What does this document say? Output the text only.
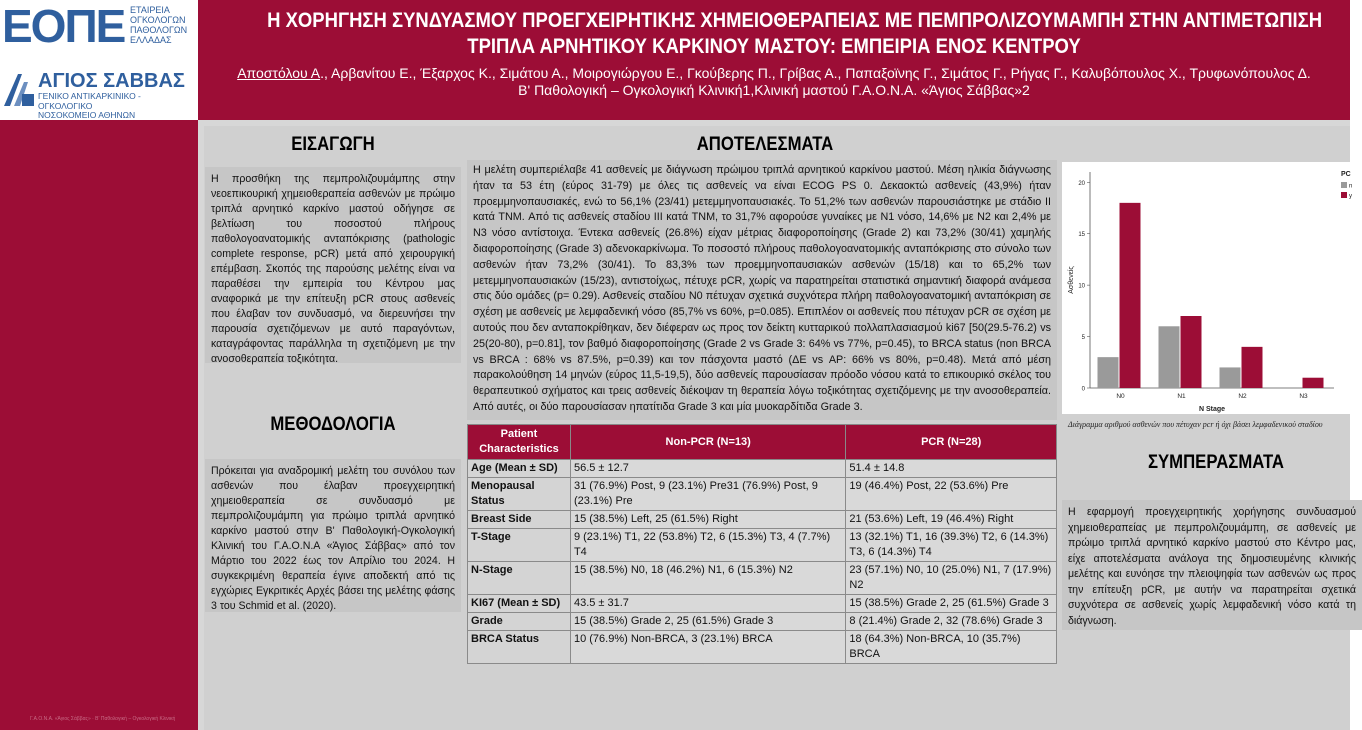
ΕΟΠΕ ΕΤΑΙΡΕΙΑ
ΟΓΚΟΛΟΓΩΝ
ΠΑΘΟΛΟΓΩΝ
ΕΛΛΑΔΑΣ
ΑΓΙΟΣ ΣΑΒΒΑΣ
ΓΕΝΙΚΟ ΑΝΤΙΚΑΡΚΙΝΙΚΟ - ΟΓΚΟΛΟΓΙΚΟ
ΝΟΣΟΚΟΜΕΙΟ ΑΘΗΝΩΝ
Η ΧΟΡΗΓΗΣΗ ΣΥΝΔΥΑΣΜΟΥ ΠΡΟΕΓΧΕΙΡΗΤΙΚΗΣ ΧΗΜΕΙΟΘΕΡΑΠΕΙΑΣ ΜΕ ΠΕΜΠΡΟΛΙΖΟΥΜΑΜΠΗ ΣΤΗΝ ΑΝΤΙΜΕΤΩΠΙΣΗ
ΤΡΙΠΛΑ ΑΡΝΗΤΙΚΟΥ ΚΑΡΚΙΝΟΥ ΜΑΣΤΟΥ: ΕΜΠΕΙΡΙΑ ΕΝΟΣ ΚΕΝΤΡΟΥ
Αποστόλου Α., Αρβανίτου Ε., Έξαρχος Κ., Σιμάτου Α., Μοιρογιώργου Ε., Γκούβερης Π., Γρίβας Α., Παπαξοϊνης Γ., Σιμάτος Γ., Ρήγας Γ., Καλυβόπουλος Χ., Τρυφωνόπουλος Δ.
Β' Παθολογική – Ογκολογική Κλινική1,Κλινική μαστού Γ.Α.Ο.Ν.Α. «Άγιος Σάββας»2
Γ.Α.Ο.Ν.Α. «Άγιος Σάββας» · Β' Παθολογική – Ογκολογική Κλινική
ΕΙΣΑΓΩΓΗ
Η προσθήκη της πεμπρολιζουμάμπης στην νεοεπικουρική χημειοθεραπεία ασθενών με πρώιμο τριπλά αρνητικό καρκίνο μαστού οδήγησε σε βελτίωση του ποσοστού πλήρους παθολογοανατομικής ανταπόκρισης (pathologic complete response, pCR) μετά από χειρουργική επέμβαση. Σκοπός της παρούσης μελέτης είναι να παραθέσει την εμπειρία του Κέντρου μας αναφορικά με την επίτευξη pCR στους ασθενείς που έλαβαν τον συνδυασμό, να διερευνήσει την παρουσία σχετιζόμενων με αυτό παραγόντων, καταγράφοντας παράλληλα τη σχετιζόμενη με την ανοσοθεραπεία τοξικότητα.
ΜΕΘΟΔΟΛΟΓΙΑ
Πρόκειται για αναδρομική μελέτη του συνόλου των ασθενών που έλαβαν προεγχειρητική χημειοθεραπεία σε συνδυασμό με πεμπρολιζουμάμπη για πρώιμο τριπλά αρνητικό καρκίνο μαστού στην Β' Παθολογική-Ογκολογική Κλινική του Γ.Α.Ο.Ν.Α «Άγιος Σάββας» από τον Μάρτιο του 2022 έως τον Απρίλιο του 2024. Η συγκεκριμένη θεραπεία έγινε αποδεκτή από τις εγχώριες Εγκριτικές Αρχές βάσει της μελέτης φάσης 3 του Schmid et al. (2020).
ΑΠΟΤΕΛΕΣΜΑΤΑ
Η μελέτη συμπεριέλαβε 41 ασθενείς με διάγνωση πρώιμου τριπλά αρνητικού καρκίνου μαστού. Μέση ηλικία διάγνωσης ήταν τα 53 έτη (εύρος 31-79) με όλες τις ασθενείς να είναι ECOG PS 0. Δεκαοκτώ ασθενείς (43,9%) ήταν προεμμηνοπαυσιακές, ενώ το 56,1% (23/41) μετεμμηνοπαυσιακές. Το 51,2% των ασθενών παρουσιάστηκε με στάδιο ΙΙ κατά TNM. Από τις ασθενείς σταδίου ΙΙΙ κατά TNM, το 31,7% αφορούσε γυναίκες με Ν1 νόσο, 14,6% με Ν2 και 2,4% με Ν3 νόσο αντίστοιχα. Έντεκα ασθενείς (26.8%) είχαν μέτριας διαφοροποίησης (Grade 2) και 73,2% (30/41) χαμηλής διαφοροποίησης (Grade 3) αδενοκαρκίνωμα. Το ποσοστό πλήρους παθολογοανατομικής ανταπόκρισης στο σύνολο των ασθενών ήταν 73,2% (30/41). Το 83,3% των προεμμηνοπαυσιακών ασθενών (15/18) και το 65,2% των μετεμμηνοπαυσιακών (15/23), αντιστοίχως, πέτυχε pCR, χωρίς να παρατηρείται στατιστικά σημαντική διαφορά ανάμεσα στις δύο ομάδες (p= 0.29). Ασθενείς σταδίου Ν0 πέτυχαν σχετικά συχνότερα πλήρη παθολογοανατομική ανταπόκριση σε σχέση με ασθενείς με λεμφαδενική νόσο (85,7% vs 60%, p=0.085). Επιπλέον οι ασθενείς που πέτυχαν pCR σε σχέση με αυτούς που δεν ανταποκρίθηκαν, δεν διέφεραν ως προς τον δείκτη κυτταρικού πολλαπλασιασμού ki67 [50(29.5-76.2) vs 25(20-80), p=0.81], τον βαθμό διαφοροποίησης (Grade 2 vs Grade 3: 64% vs 77%, p=0.45), το BRCA status (non BRCA vs BRCA : 68% vs 87.5%, p=0.39) και τον πάσχοντα μαστό (ΔΕ vs ΑΡ: 66% vs 80%, p=0.48). Μετά από μέση παρακολούθηση 14 μηνών (εύρος 11,5-19,5), δύο ασθενείς παρουσίασαν πρόοδο νόσου κατά το επικουρικό σκέλος του θεραπευτικού σχήματος και τρεις ασθενείς διέκοψαν τη θεραπεία λόγω τοξικότητας σχετιζόμενης με την ανοσοθεραπεία. Από αυτές, οι δύο παρουσίασαν ηπατίτιδα Grade 3 και μία μυοκαρδίτιδα Grade 3.
Patient Characteristics	Non-PCR (N=13)	PCR (N=28)
Age (Mean ± SD)	56.5 ± 12.7	51.4 ± 14.8
Menopausal Status	31 (76.9%) Post, 9 (23.1%) Pre31 (76.9%) Post, 9 (23.1%) Pre	19 (46.4%) Post, 22 (53.6%) Pre
Breast Side	15 (38.5%) Left, 25 (61.5%) Right	21 (53.6%) Left, 19 (46.4%) Right
T-Stage	9 (23.1%) T1, 22 (53.8%) T2, 6 (15.3%) T3, 4 (7.7%) T4	13 (32.1%) T1, 16 (39.3%) T2, 6 (14.3%) T3, 6 (14.3%) T4
N-Stage	15 (38.5%) N0, 18 (46.2%) N1, 6 (15.3%) N2	23 (57.1%) N0, 10 (25.0%) N1, 7 (17.9%) N2
KI67 (Mean ± SD)	43.5 ± 31.7	15 (38.5%) Grade 2, 25 (61.5%) Grade 3
Grade	15 (38.5%) Grade 2, 25 (61.5%) Grade 3	8 (21.4%) Grade 2, 32 (78.6%) Grade 3
BRCA Status	10 (76.9%) Non-BRCA, 3 (23.1%) BRCA	18 (64.3%) Non-BRCA, 10 (35.7%) BRCA
0
5
10
15
20
Ασθενείς
N0	N1	N2	N3
N Stage
PC
n
y
Διάγραμμα αριθμού ασθενών που πέτυχαν pcr ή όχι βάσει λεμφαδενικού σταδίου
ΣΥΜΠΕΡΑΣΜΑΤΑ
Η εφαρμογή προεγχειρητικής χορήγησης συνδυασμού χημειοθεραπείας με πεμπρολιζουμάμπη, σε ασθενείς με πρώιμο τριπλά αρνητικό καρκίνο μαστού στο Κέντρο μας, είχε αποτελέσματα ανάλογα της δημοσιευμένης κλινικής μελέτης και ευνόησε την πλειοψηφία των ασθενών ως προς την επίτευξη pCR, με αυτήν να παρατηρείται σχετικά συχνότερα σε ασθενείς χωρίς λεμφαδενική νόσο κατά τη διάγνωση.
